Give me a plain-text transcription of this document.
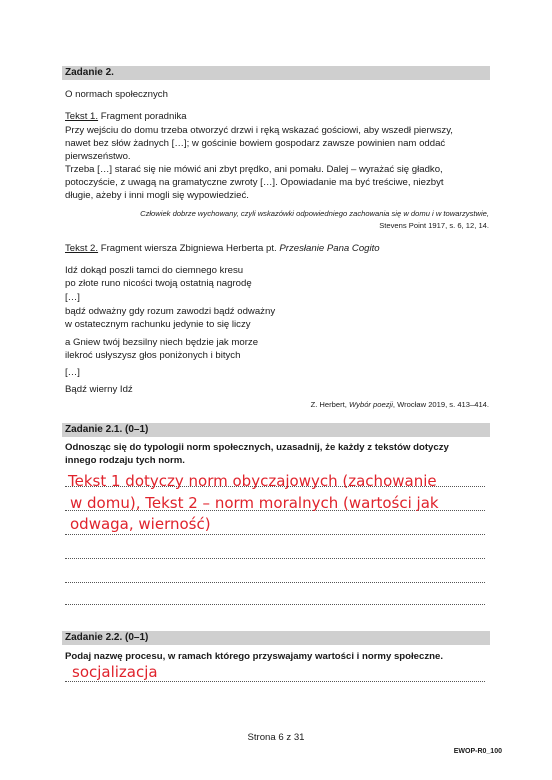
Zadanie 2.
O normach społecznych
Tekst 1. Fragment poradnika
Przy wejściu do domu trzeba otworzyć drzwi i ręką wskazać gościowi, aby wszedł pierwszy,
nawet bez słów żadnych […]; w gościnie bowiem gospodarz zawsze powinien nam oddać
pierwszeństwo.
Trzeba […] starać się nie mówić ani zbyt prędko, ani pomału. Dalej – wyrażać się gładko,
potoczyście, z uwagą na gramatyczne zwroty […]. Opowiadanie ma być treściwe, niezbyt
długie, ażeby i inni mogli się wypowiedzieć.
Człowiek dobrze wychowany, czyli wskazówki odpowiedniego zachowania się w domu i w towarzystwie,
Stevens Point 1917, s. 6, 12, 14.
Tekst 2. Fragment wiersza Zbigniewa Herberta pt. Przesłanie Pana Cogito
Idź dokąd poszli tamci do ciemnego kresu
po złote runo nicości twoją ostatnią nagrodę
[…]
bądź odważny gdy rozum zawodzi bądź odważny
w ostatecznym rachunku jedynie to się liczy
a Gniew twój bezsilny niech będzie jak morze
ilekroć usłyszysz głos poniżonych i bitych
[…]
Bądź wierny Idź
Z. Herbert, Wybór poezji, Wrocław 2019, s. 413–414.
Zadanie 2.1. (0–1)
Odnosząc się do typologii norm społecznych, uzasadnij, że każdy z tekstów dotyczy
innego rodzaju tych norm.
Tekst 1 dotyczy norm obyczajowych (zachowanie
w domu), Tekst 2 – norm moralnych (wartości jak
odwaga, wierność)
Zadanie 2.2. (0–1)
Podaj nazwę procesu, w ramach którego przyswajamy wartości i normy społeczne.
socjalizacja
Strona 6 z 31
EWOP-R0_100
